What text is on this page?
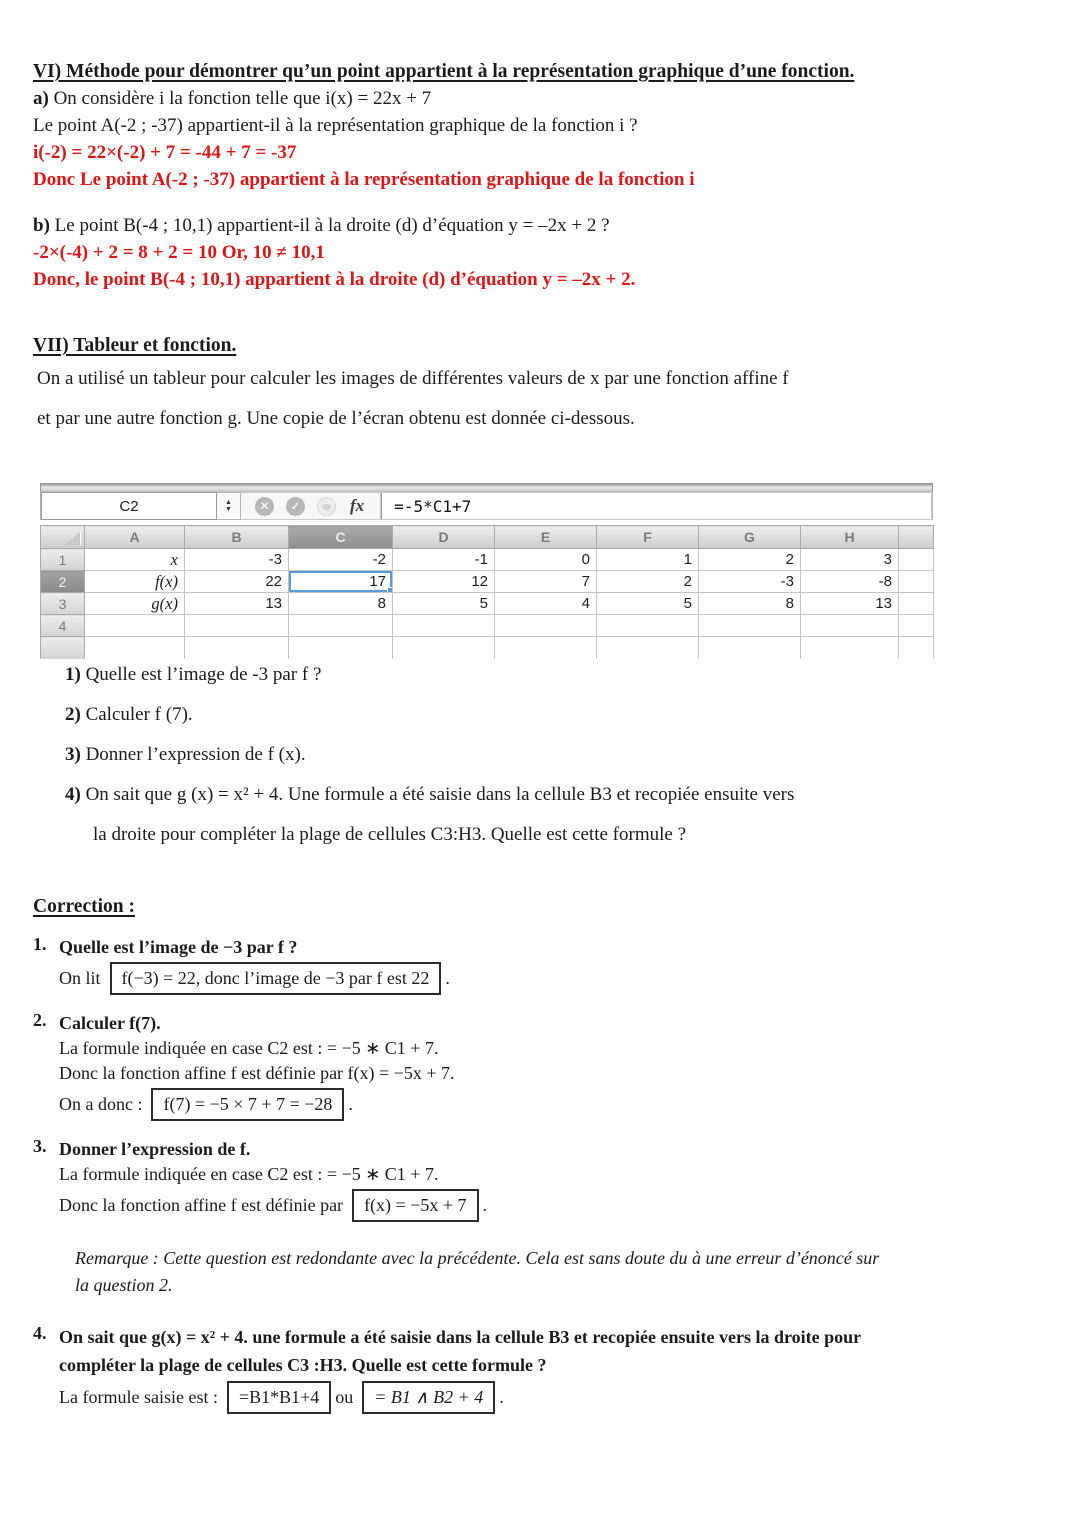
VI) Méthode pour démontrer qu’un point appartient à la représentation graphique d’une fonction.
a) On considère i la fonction telle que i(x) = 22x + 7
Le point A(-2 ; -37) appartient-il à la représentation graphique de la fonction i ?
i(-2) = 22×(-2) + 7 = -44 + 7 = -37
Donc Le point A(-2 ; -37) appartient à la représentation graphique de la fonction i
b) Le point B(-4 ; 10,1) appartient-il à la droite (d) d’équation y = –2x + 2 ?
-2×(-4) + 2 = 8 + 2 = 10 Or, 10 ≠ 10,1
Donc, le point B(-4 ; 10,1) appartient à la droite (d) d’équation y = –2x + 2.
VII) Tableur et fonction.
On a utilisé un tableur pour calculer les images de différentes valeurs de x par une fonction affine f
et par une autre fonction g. Une copie de l’écran obtenu est donnée ci-dessous.
C2	▲
▼	✕	✓	fx	=-5*C1+7
	A	B	C	D	E	F	G	H	
1	x	-3	-2	-1	0	1	2	3	
2	f(x)	22	17	12	7	2	-3	-8	
3	g(x)	13	8	5	4	5	8	13	
4									

1) Quelle est l’image de -3 par f ?
2) Calculer f (7).
3) Donner l’expression de f (x).
4) On sait que g (x) = x² + 4. Une formule a été saisie dans la cellule B3 et recopiée ensuite vers
la droite pour compléter la plage de cellules C3:H3. Quelle est cette formule ?
Correction :
1. Quelle est l’image de −3 par f ?
On lit	f(−3) = 22, donc l’image de −3 par f est 22 .
2. Calculer f(7).
La formule indiquée en case C2 est : = −5 ∗ C1 + 7.
Donc la fonction affine f est définie par f(x) = −5x + 7.
On a donc :	f(7) = −5 × 7 + 7 = −28 .
3. Donner l’expression de f.
La formule indiquée en case C2 est : = −5 ∗ C1 + 7.
Donc la fonction affine f est définie par	f(x) = −5x + 7 .
Remarque : Cette question est redondante avec la précédente. Cela est sans doute du à une erreur d’énoncé sur
la question 2.
4. On sait que g(x) = x² + 4. une formule a été saisie dans la cellule B3 et recopiée ensuite vers la droite pour
compléter la plage de cellules C3 :H3. Quelle est cette formule ?
La formule saisie est :	=B1*B1+4 ou	= B1 ∧ B2 + 4 .
